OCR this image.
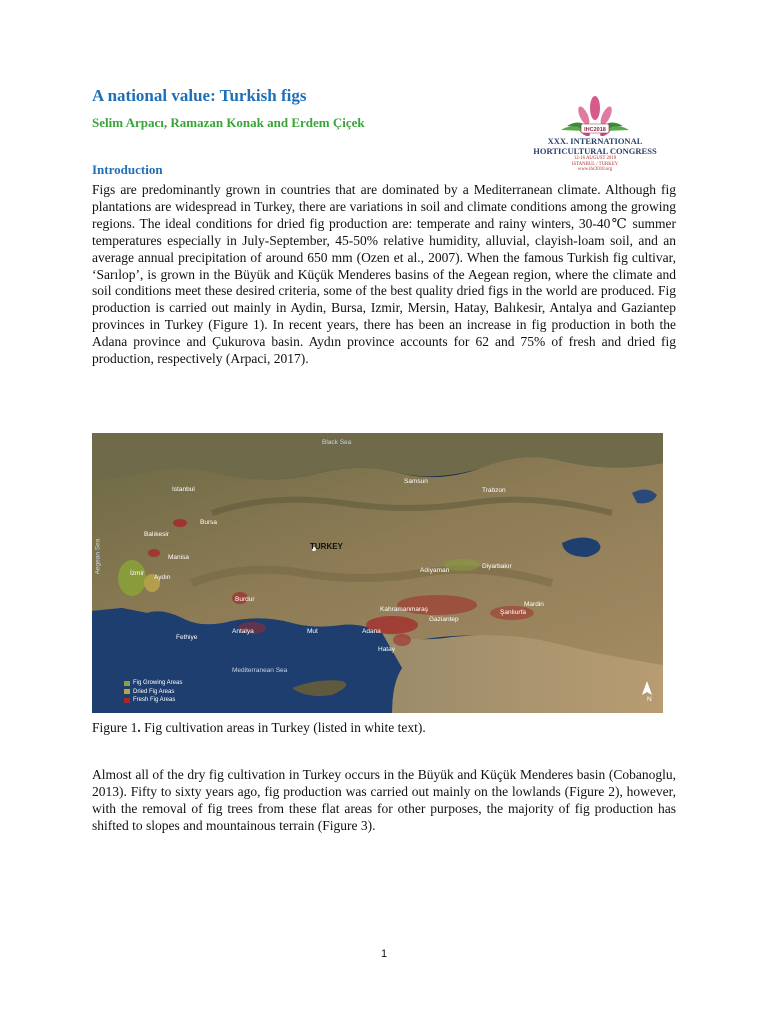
A national value: Turkish figs
Selim Arpacı, Ramazan Konak and Erdem Çiçek	IHC2018
XXX. INTERNATIONAL
HORTICULTURAL CONGRESS
12-16 AUGUST 2018
ISTANBUL / TURKEY
www.ihc2018.org
Introduction
Figs are predominantly grown in countries that are dominated by a Mediterranean climate. Although fig plantations are widespread in Turkey, there are variations in soil and climate conditions among the growing regions. The ideal conditions for dried fig production are: temperate and rainy winters, 30-40℃ summer temperatures especially in July-September, 45-50% relative humidity, alluvial, clayish-loam soil, and an average annual precipitation of around 650 mm (Ozen et al., 2007). When the famous Turkish fig cultivar, ‘Sarılop’, is grown in the Büyük and Küçük Menderes basins of the Aegean region, where the climate and soil conditions meet these desired criteria, some of the best quality dried figs in the world are produced. Fig production is carried out mainly in Aydin, Bursa, Izmir, Mersin, Hatay, Balıkesir, Antalya and Gaziantep provinces in Turkey (Figure 1). In recent years, there has been an increase in fig production in both the Adana province and Çukurova basin. Aydın province accounts for 62 and 75% of fresh and dried fig production, respectively (Arpaci, 2017).
Black Sea
Mediterranean Sea
Aegean Sea	TURKEY
Istanbul
Samsun
Trabzon
Bursa
Balıkesir
Manisa
İzmir
Aydın
Adıyaman
Diyarbakır
Burdur
Kahramanmaraş
Gaziantep
Şanlıurfa
Mardin
Fethiye
Antalya	Mut	Adana
Hatay
N
Fig Growing Areas
Dried Fig Areas
Fresh Fig Areas
Figure 1. Fig cultivation areas in Turkey (listed in white text).
Almost all of the dry fig cultivation in Turkey occurs in the Büyük and Küçük Menderes basin (Cobanoglu, 2013). Fifty to sixty years ago, fig production was carried out mainly on the lowlands (Figure 2), however, with the removal of fig trees from these flat areas for other purposes, the majority of fig production has shifted to slopes and mountainous terrain (Figure 3).
1
